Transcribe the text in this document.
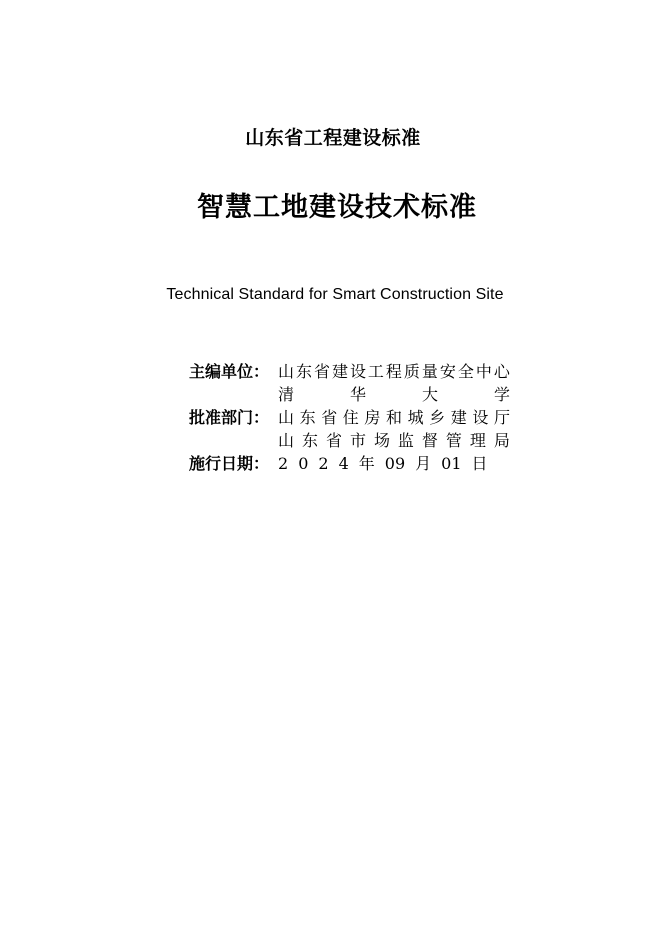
山东省工程建设标准
智慧工地建设技术标准
Technical Standard for Smart Construction Site
主编单位： 山 东 省 建 设 工 程 质 量 安 全 中 心
清	华	大	学
批准部门： 山 东 省 住 房 和 城 乡 建 设 厅
山 东 省 市 场 监 督 管 理 局
施行日期： 2 0 2 4 年 09 月 01 日
